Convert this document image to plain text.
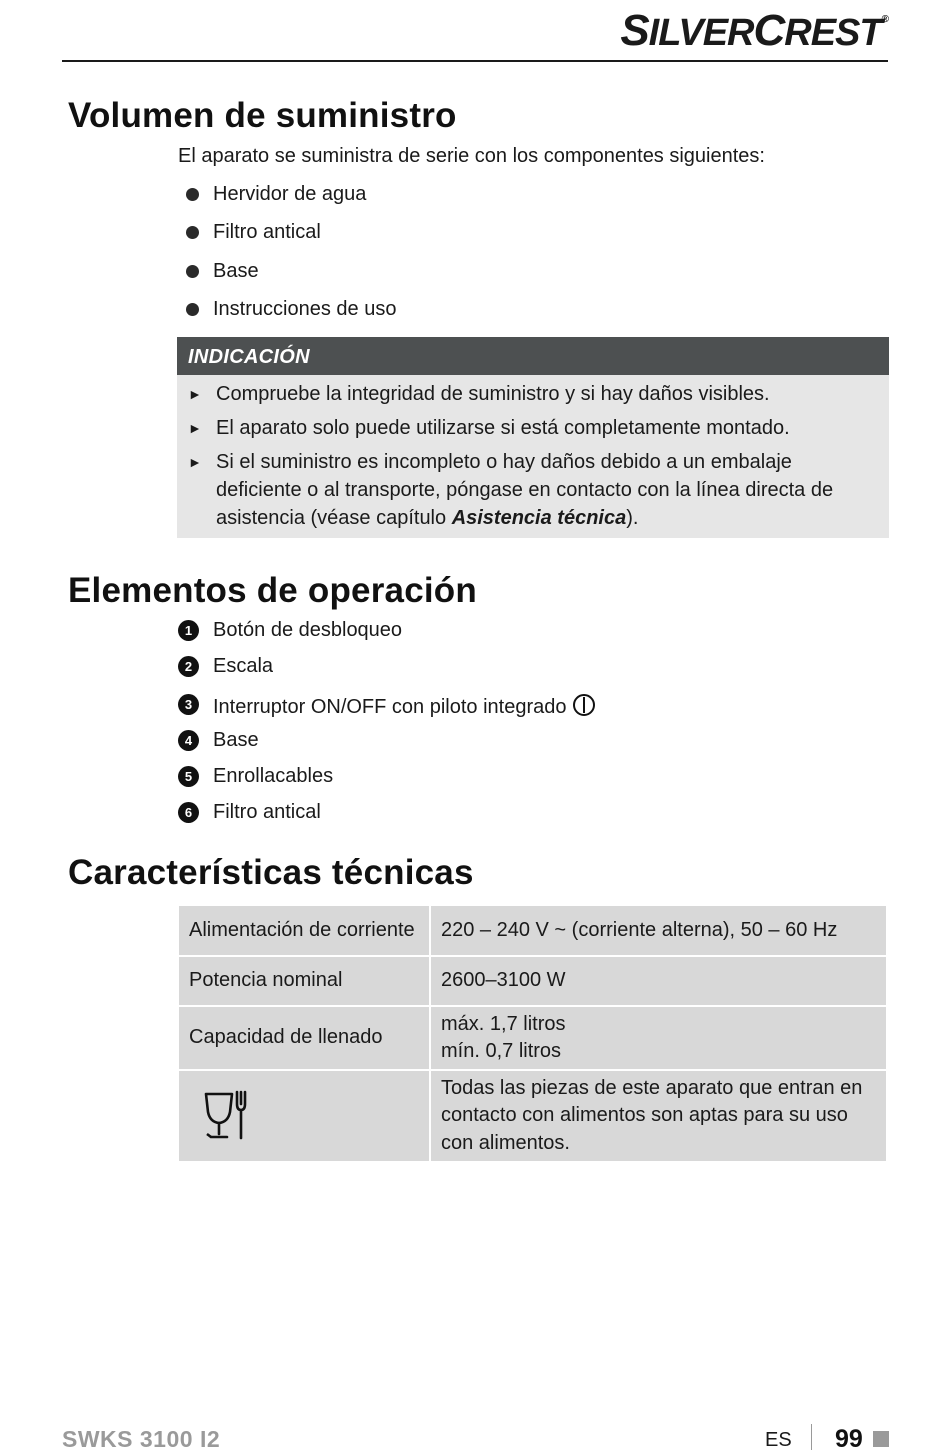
SILVERCREST®
Volumen de suministro
El aparato se suministra de serie con los componentes siguientes:
Hervidor de agua
Filtro antical
Base
Instrucciones de uso
INDICACIÓN
► Compruebe la integridad de suministro y si hay daños visibles.
► El aparato solo puede utilizarse si está completamente montado.
► Si el suministro es incompleto o hay daños debido a un embalaje deficiente o al transporte, póngase en contacto con la línea directa de asistencia (véase capítulo Asistencia técnica).
Elementos de operación
1	Botón de desbloqueo
2	Escala
3	Interruptor ON/OFF con piloto integrado
4	Base
5	Enrollacables
6	Filtro antical
Características técnicas
Alimentación de corriente	220 – 240 V ~ (corriente alterna), 50 – 60 Hz
Potencia nominal	2600–3100 W
Capacidad de llenado	máx. 1,7 litros
mín. 0,7 litros

	Todas las piezas de este aparato que entran en contacto con alimentos son aptas para su uso con alimentos.
SWKS 3100 I2	ES 99
